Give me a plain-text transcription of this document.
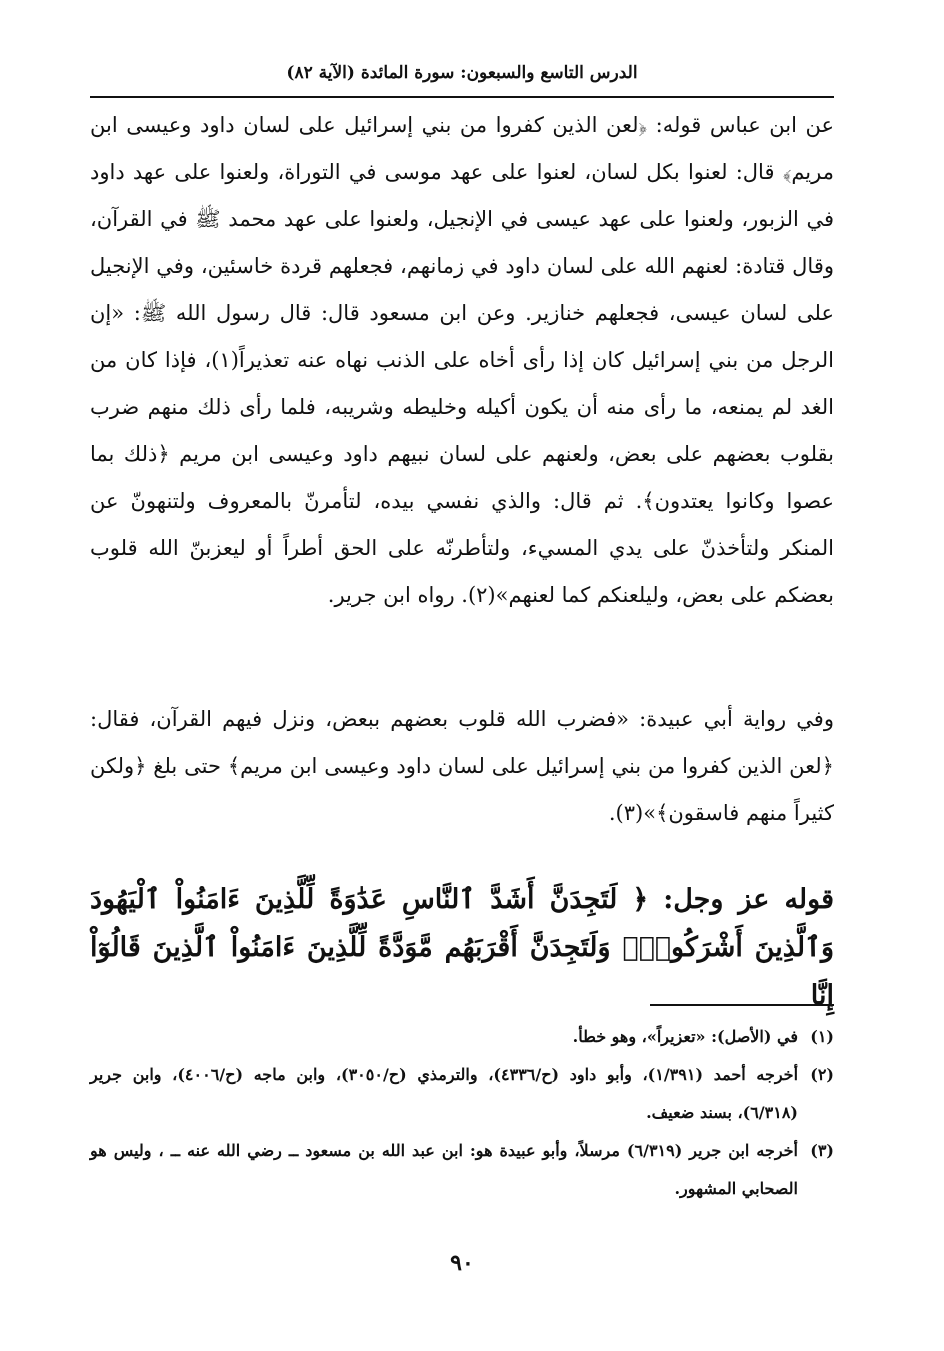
الدرس التاسع والسبعون: سورة المائدة (الآية ٨٢)

عن ابن عباس قوله: ﴿لعن الذين كفروا من بني إسرائيل على لسان داود وعيسى ابن مريم﴾ قال: لعنوا بكل لسان، لعنوا على عهد موسى في التوراة، ولعنوا على عهد داود في الزبور، ولعنوا على عهد عيسى في الإنجيل، ولعنوا على عهد محمد ﷺ في القرآن، وقال قتادة: لعنهم الله على لسان داود في زمانهم، فجعلهم قردة خاسئين، وفي الإنجيل على لسان عيسى، فجعلهم خنازير. وعن ابن مسعود قال: قال رسول الله ﷺ: «إن الرجل من بني إسرائيل كان إذا رأى أخاه على الذنب نهاه عنه تعذيراً(١)، فإذا كان من الغد لم يمنعه، ما رأى منه أن يكون أكيله وخليطه وشريبه، فلما رأى ذلك منهم ضرب بقلوب بعضهم على بعض، ولعنهم على لسان نبيهم داود وعيسى ابن مريم ﴿ذلك بما عصوا وكانوا يعتدون﴾. ثم قال: والذي نفسي بيده، لتأمرنّ بالمعروف ولتنهونّ عن المنكر ولتأخذنّ على يدي المسيء، ولتأطرنّه على الحق أطراً أو ليعزبنّ الله قلوب بعضكم على بعض، وليلعنكم كما لعنهم»(٢). رواه ابن جرير.

وفي رواية أبي عبيدة: «فضرب الله قلوب بعضهم ببعض، ونزل فيهم القرآن، فقال: ﴿لعن الذين كفروا من بني إسرائيل على لسان داود وعيسى ابن مريم﴾ حتى بلغ ﴿ولكن كثيراً منهم فاسقون﴾»(٣).

قوله عز وجل: ﴿ لَتَجِدَنَّ أَشَدَّ ٱلنَّاسِ عَدَٰوَةً لِّلَّذِينَ ءَامَنُواْ ٱلْيَهُودَ وَٱلَّذِينَ أَشْرَكُواْۖ وَلَتَجِدَنَّ أَقْرَبَهُم مَّوَدَّةً لِّلَّذِينَ ءَامَنُواْ ٱلَّذِينَ قَالُوٓاْ إِنَّا

(١)
في (الأصل): «تعزيراً»، وهو خطأ.
(٢)
أخرجه أحمد (١/٣٩١)، وأبو داود (ح/٤٣٣٦)، والترمذي (ح/٣٠٥٠)، وابن ماجه (ح/٤٠٠٦)، وابن جرير (٦/٣١٨)، بسند ضعيف.
(٣)
أخرجه ابن جرير (٦/٣١٩) مرسلاً، وأبو عبيدة هو: ابن عبد الله بن مسعود ــ رضي الله عنه ــ ، وليس هو الصحابي المشهور.
٩٠
